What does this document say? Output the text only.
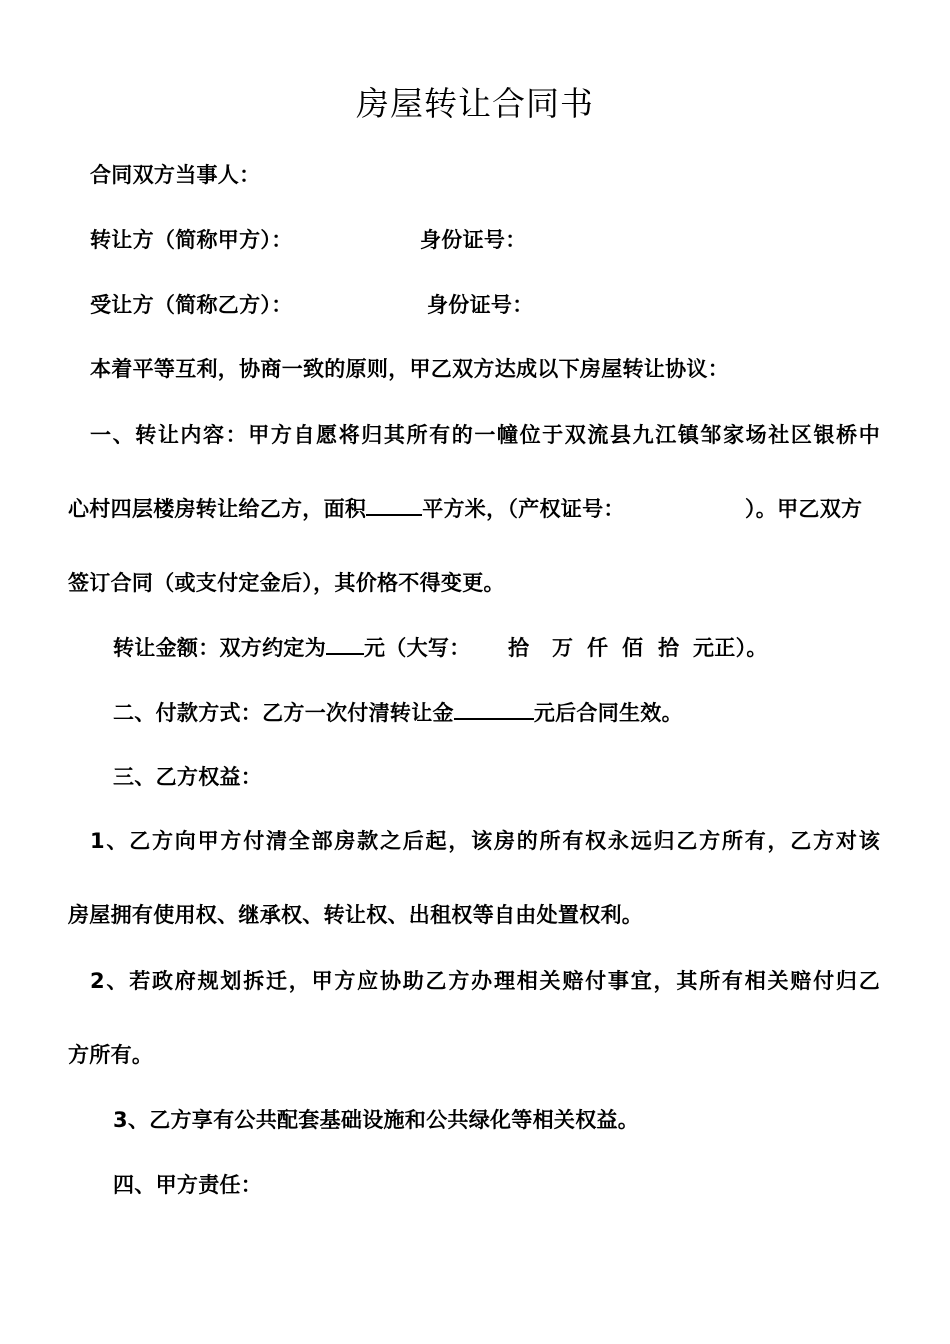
房屋转让合同书
合同双方当事人：
转让方（简称甲方）：	身份证号：
受让方（简称乙方）：	身份证号：
本着平等互利，协商一致的原则，甲乙双方达成以下房屋转让协议：
一、转让内容：甲方自愿将归其所有的一幢位于双流县九江镇邹家场社区银桥中
心村四层楼房转让给乙方，面积	平方米，（产权证号：	）。甲乙双方
签订合同（或支付定金后），其价格不得变更。
转让金额：双方约定为 元（大写： 拾 万 仟 佰 拾 元正）。
二、付款方式：乙方一次付清转让金	元后合同生效。
三、乙方权益：
1、乙方向甲方付清全部房款之后起，该房的所有权永远归乙方所有，乙方对该
房屋拥有使用权、继承权、转让权、出租权等自由处置权利。
2、若政府规划拆迁，甲方应协助乙方办理相关赔付事宜，其所有相关赔付归乙
方所有。
3、乙方享有公共配套基础设施和公共绿化等相关权益。
四、甲方责任：
